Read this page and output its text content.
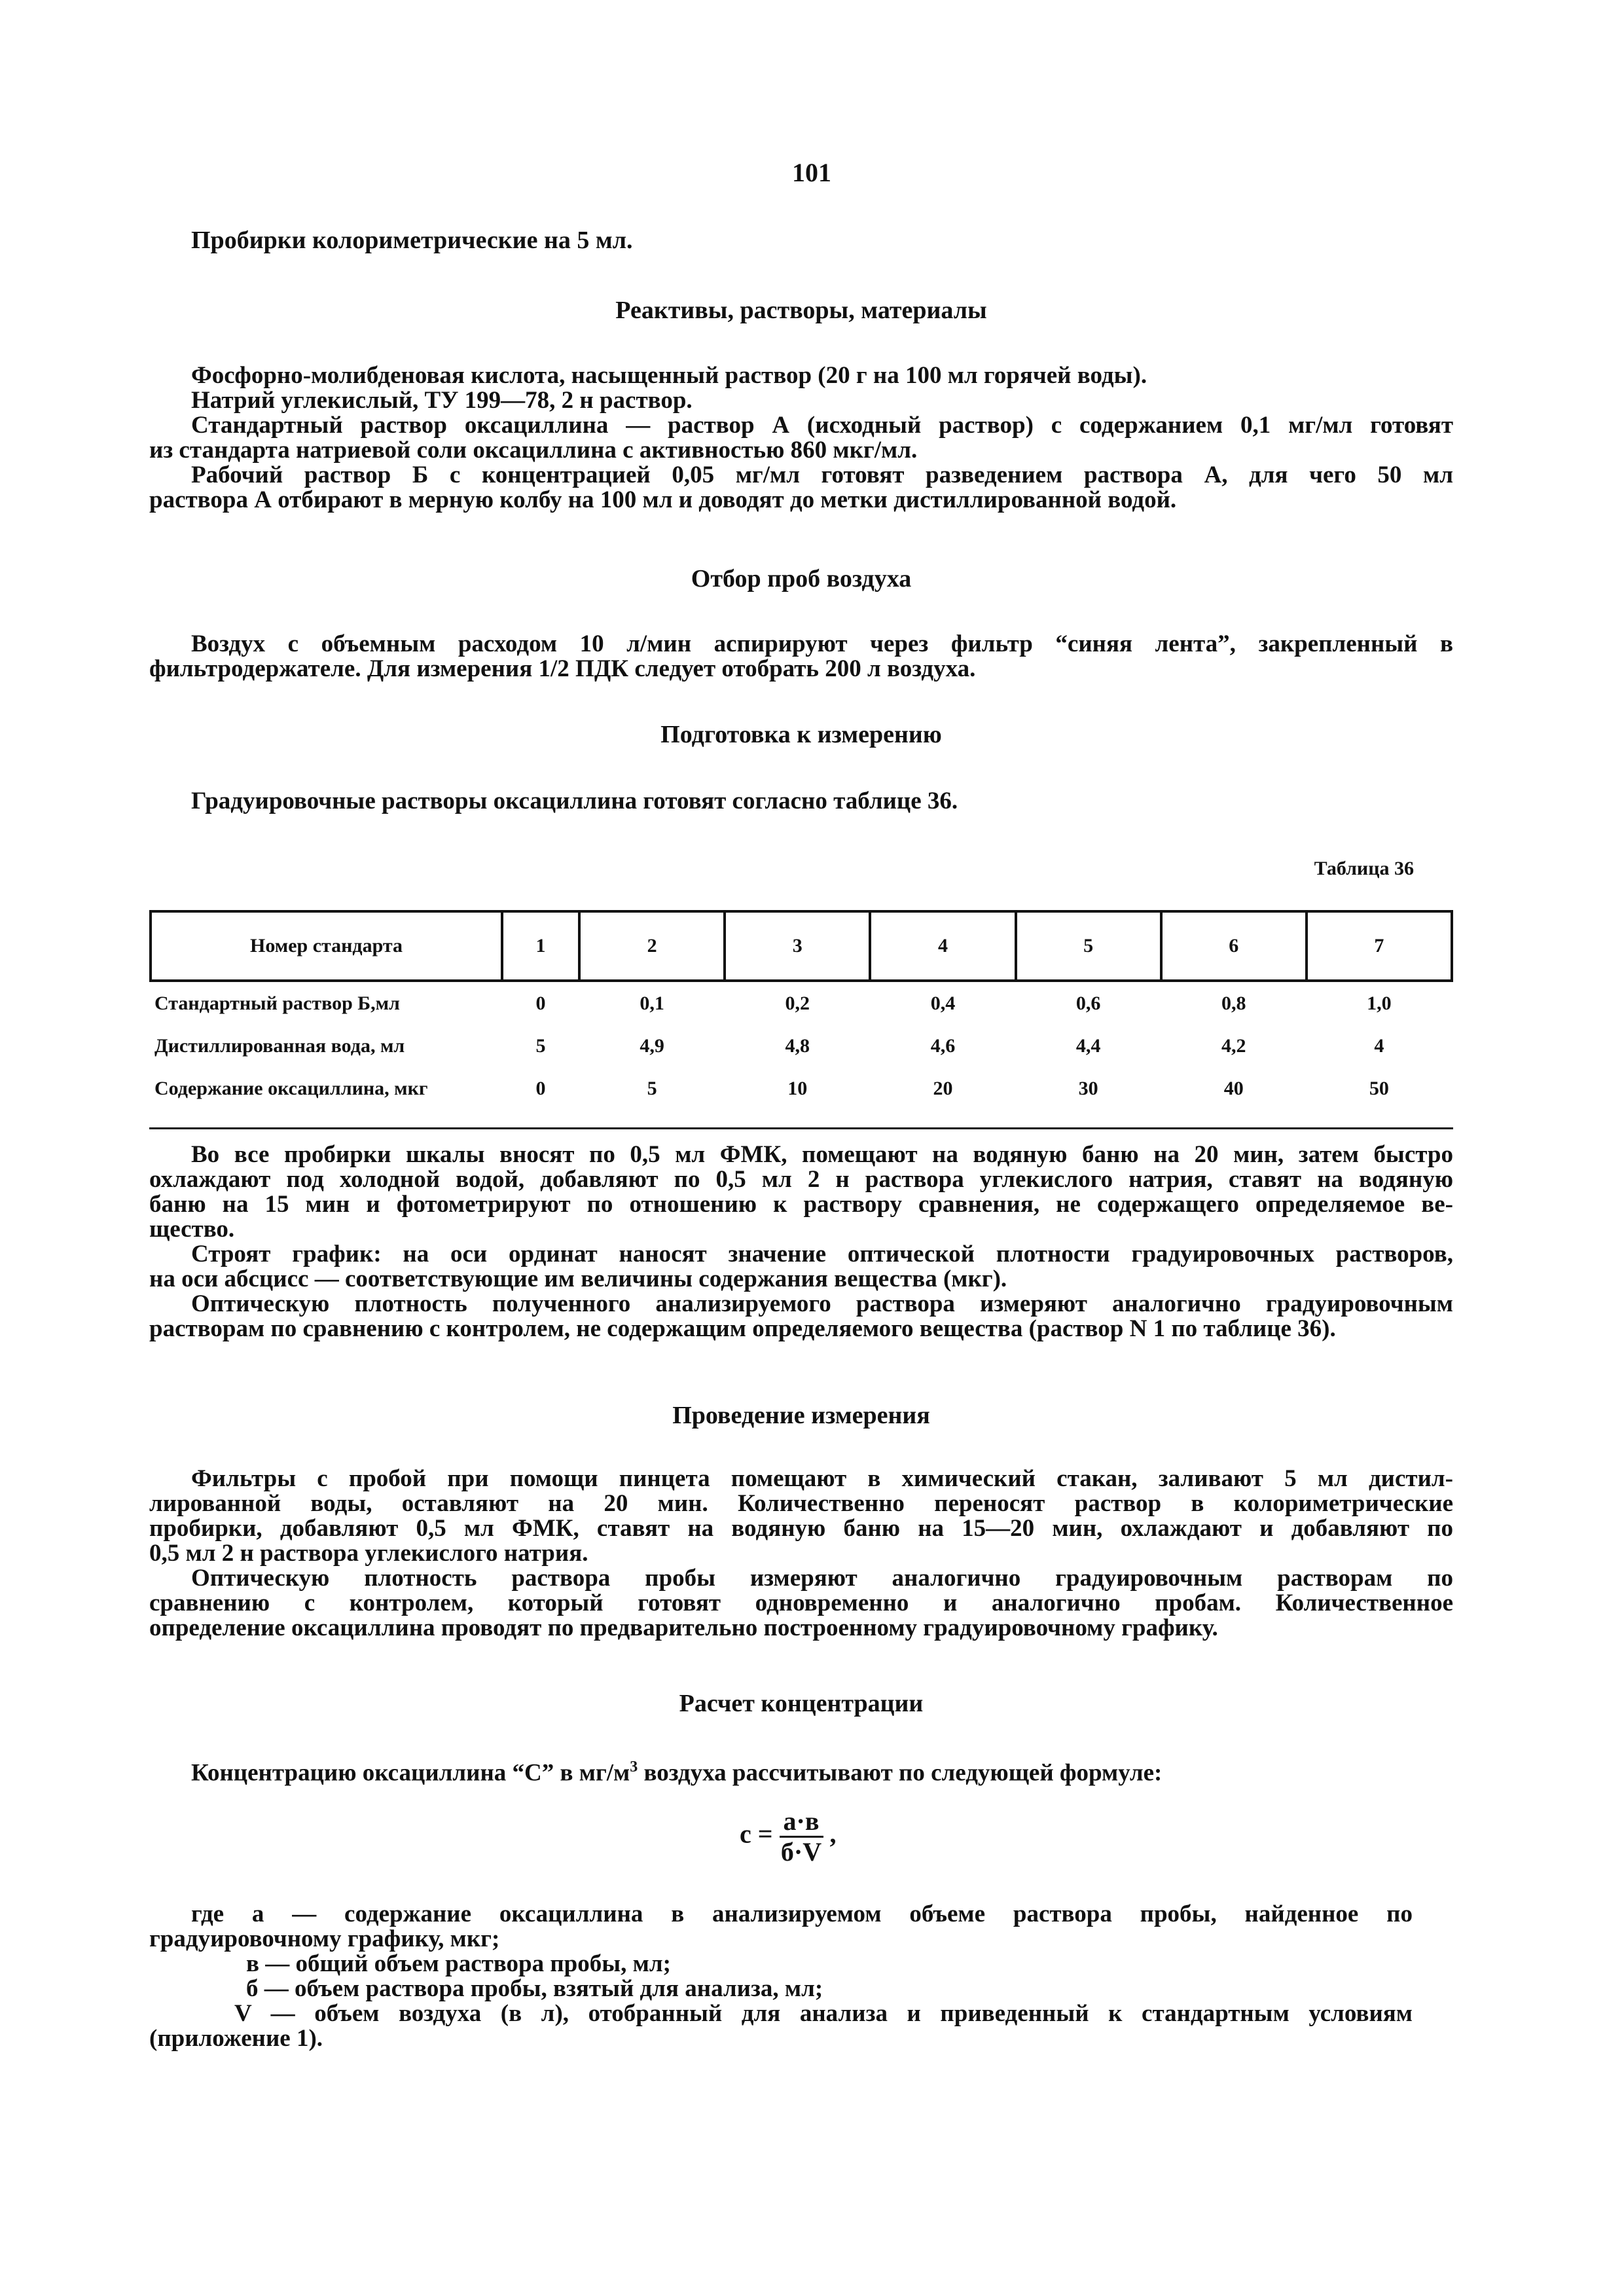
101
Пробирки колориметрические на 5 мл.
Реактивы, растворы, материалы
Фосфорно-молибденовая кислота, насыщенный раствор (20 г на 100 мл горячей воды).
Натрий углекислый, ТУ 199—78, 2 н раствор.
Стандартный раствор оксациллина — раствор А (исходный раствор) с содержанием 0,1 мг/мл готовят
из стандарта натриевой соли оксациллина с активностью 860 мкг/мл.
Рабочий раствор Б с концентрацией 0,05 мг/мл готовят разведением раствора А, для чего 50 мл
раствора А отбирают в мерную колбу на 100 мл и доводят до метки дистиллированной водой.
Отбор проб воздуха
Воздух с объемным расходом 10 л/мин аспирируют через фильтр “синяя лента”, закрепленный в
фильтродержателе. Для измерения 1/2 ПДК следует отобрать 200 л воздуха.
Подготовка к измерению
Градуировочные растворы оксациллина готовят согласно таблице 36.
Таблица 36
Номер стандарта	1	2	3	4	5	6	7
Стандартный раствор Б,мл	0	0,1	0,2	0,4	0,6	0,8	1,0
Дистиллированная вода, мл	5	4,9	4,8	4,6	4,4	4,2	4
Содержание оксациллина, мкг	0	5	10	20	30	40	50
Во все пробирки шкалы вносят по 0,5 мл ФМК, помещают на водяную баню на 20 мин, затем быстро
охлаждают под холодной водой, добавляют по 0,5 мл 2 н раствора углекислого натрия, ставят на водяную
баню на 15 мин и фотометрируют по отношению к раствору сравнения, не содержащего определяемое ве-
щество.
Строят график: на оси ординат наносят значение оптической плотности градуировочных растворов,
на оси абсцисс — соответствующие им величины содержания вещества (мкг).
Оптическую плотность полученного анализируемого раствора измеряют аналогично градуировочным
растворам по сравнению с контролем, не содержащим определяемого вещества (раствор N 1 по таблице 36).
Проведение измерения
Фильтры с пробой при помощи пинцета помещают в химический стакан, заливают 5 мл дистил-
лированной воды, оставляют на 20 мин. Количественно переносят раствор в колориметрические
пробирки, добавляют 0,5 мл ФМК, ставят на водяную баню на 15—20 мин, охлаждают и добавляют по
0,5 мл 2 н раствора углекислого натрия.
Оптическую плотность раствора пробы измеряют аналогично градуировочным растворам по
сравнению с контролем, который готовят одновременно и аналогично пробам. Количественное
определение оксациллина проводят по предварительно построенному градуировочному графику.
Расчет концентрации
Концентрацию оксациллина “С” в $мг/м^3$ воздуха рассчитывают по следующей формуле:
$с = \frac{а\cdot в}{б\cdot V}$ ,
где а — содержание оксациллина в анализируемом объеме раствора пробы, найденное по
градуировочному графику, мкг;
в — общий объем раствора пробы, мл;
б — объем раствора пробы, взятый для анализа, мл;
V — объем воздуха (в л), отобранный для анализа и приведенный к стандартным условиям
(приложение 1).
